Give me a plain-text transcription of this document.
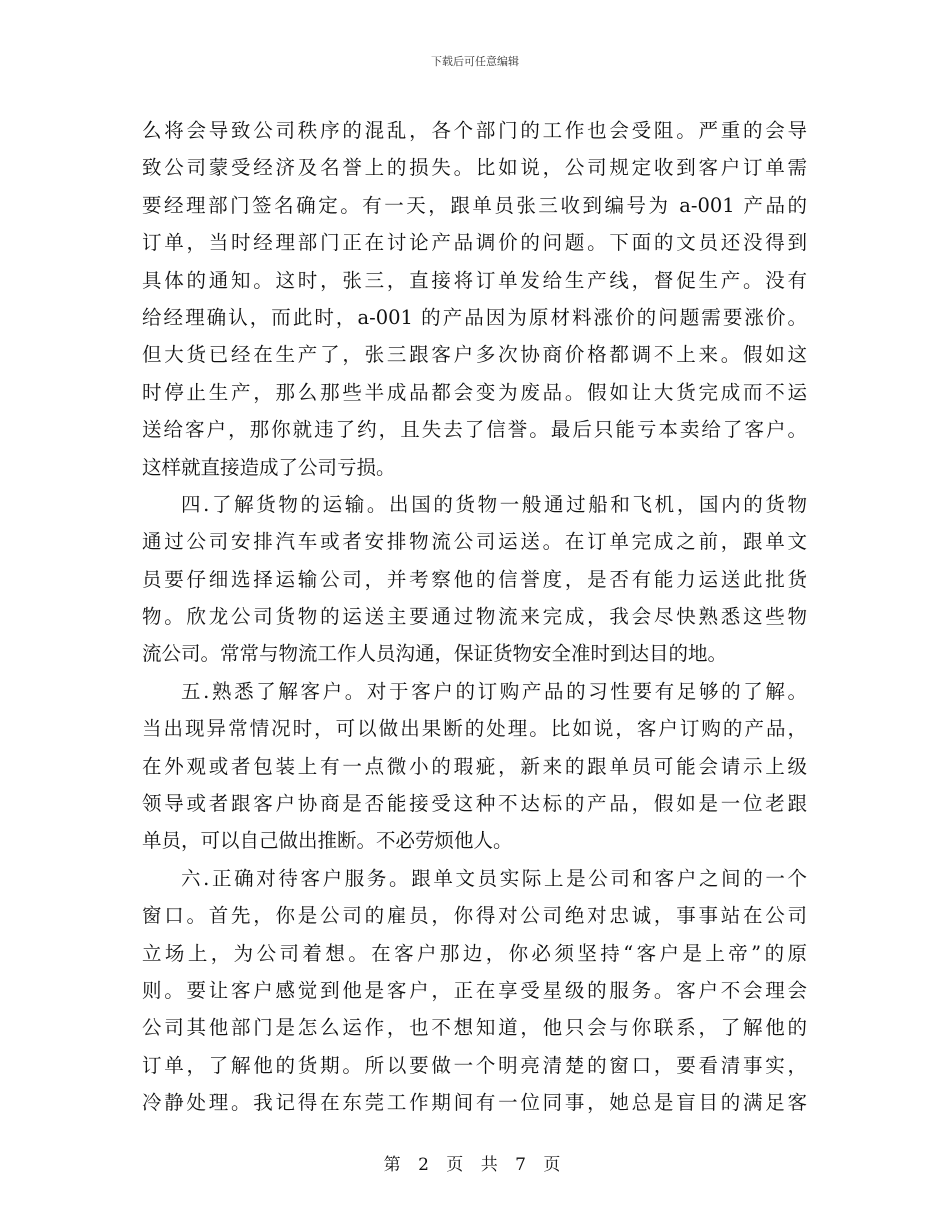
下载后可任意编辑
么将会导致公司秩序的混乱，各个部门的工作也会受阻。严重的会导
致公司蒙受经济及名誉上的损失。比如说，公司规定收到客户订单需
要经理部门签名确定。有一天，跟单员张三收到编号为 a-001 产品的
订单，当时经理部门正在讨论产品调价的问题。下面的文员还没得到
具体的通知。这时，张三，直接将订单发给生产线，督促生产。没有
给经理确认，而此时，a-001 的产品因为原材料涨价的问题需要涨价。
但大货已经在生产了，张三跟客户多次协商价格都调不上来。假如这
时停止生产，那么那些半成品都会变为废品。假如让大货完成而不运
送给客户，那你就违了约，且失去了信誉。最后只能亏本卖给了客户。
这样就直接造成了公司亏损。
四.了解货物的运输。出国的货物一般通过船和飞机，国内的货物
通过公司安排汽车或者安排物流公司运送。在订单完成之前，跟单文
员要仔细选择运输公司，并考察他的信誉度，是否有能力运送此批货
物。欣龙公司货物的运送主要通过物流来完成，我会尽快熟悉这些物
流公司。常常与物流工作人员沟通，保证货物安全准时到达目的地。
五.熟悉了解客户。对于客户的订购产品的习性要有足够的了解。
当出现异常情况时，可以做出果断的处理。比如说，客户订购的产品，
在外观或者包装上有一点微小的瑕疵，新来的跟单员可能会请示上级
领导或者跟客户协商是否能接受这种不达标的产品，假如是一位老跟
单员，可以自己做出推断。不必劳烦他人。
六.正确对待客户服务。跟单文员实际上是公司和客户之间的一个
窗口。首先，你是公司的雇员，你得对公司绝对忠诚，事事站在公司
立场上，为公司着想。在客户那边，你必须坚持“客户是上帝”的原
则。要让客户感觉到他是客户，正在享受星级的服务。客户不会理会
公司其他部门是怎么运作，也不想知道，他只会与你联系，了解他的
订单，了解他的货期。所以要做一个明亮清楚的窗口，要看清事实，
冷静处理。我记得在东莞工作期间有一位同事，她总是盲目的满足客
第 2 页 共 7 页
